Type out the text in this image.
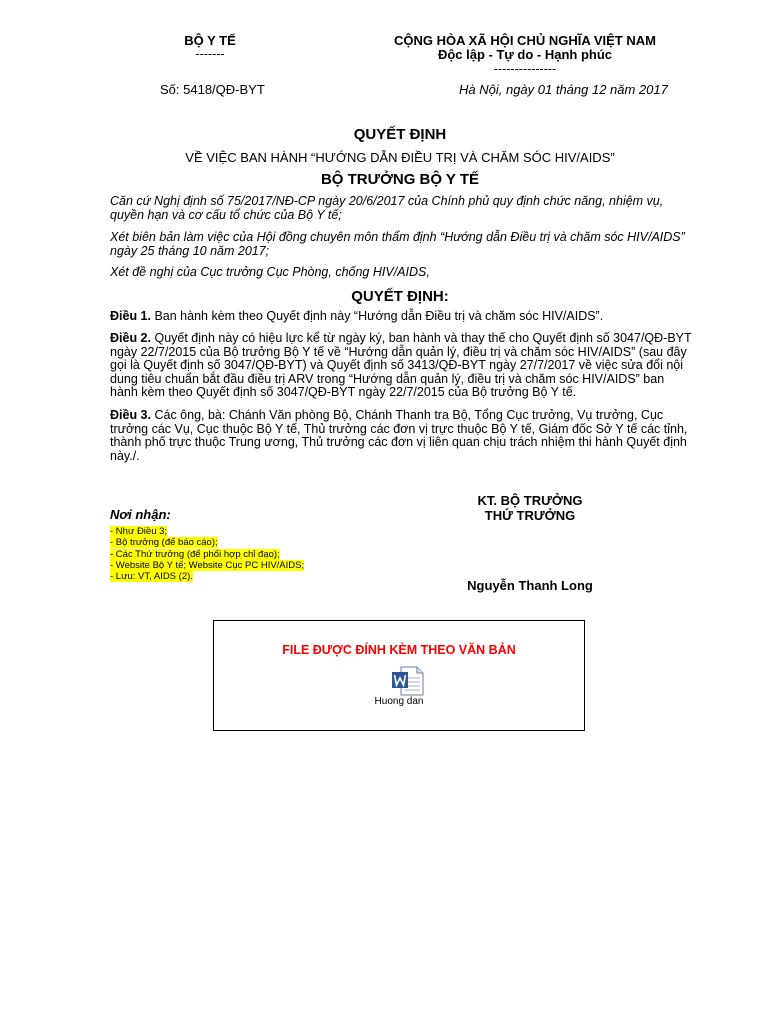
BỘ Y TẾ
-------
CỘNG HÒA XÃ HỘI CHỦ NGHĨA VIỆT NAM
Độc lập - Tự do - Hạnh phúc
---------------
Số: 5418/QĐ-BYT	Hà Nội, ngày 01 tháng 12 năm 2017
QUYẾT ĐỊNH
VỀ VIỆC BAN HÀNH “HƯỚNG DẪN ĐIỀU TRỊ VÀ CHĂM SÓC HIV/AIDS”
BỘ TRƯỞNG BỘ Y TẾ
Căn cứ Nghị định số 75/2017/NĐ-CP ngày 20/6/2017 của Chính phủ quy định chức năng, nhiệm vụ, quyền hạn và cơ cấu tổ chức của Bộ Y tế;
Xét biên bản làm việc của Hội đồng chuyên môn thẩm định “Hướng dẫn Điều trị và chăm sóc HIV/AIDS” ngày 25 tháng 10 năm 2017;
Xét đề nghị của Cục trưởng Cục Phòng, chống HIV/AIDS,
QUYẾT ĐỊNH:
Điều 1. Ban hành kèm theo Quyết định này “Hướng dẫn Điều trị và chăm sóc HIV/AIDS”.
Điều 2. Quyết định này có hiệu lực kể từ ngày ký, ban hành và thay thế cho Quyết định số 3047/QĐ-BYT ngày 22/7/2015 của Bộ trưởng Bộ Y tế về “Hướng dẫn quản lý, điều trị và chăm sóc HIV/AIDS” (sau đây gọi là Quyết định số 3047/QĐ-BYT) và Quyết định số 3413/QĐ-BYT ngày 27/7/2017 về việc sửa đổi nội dung tiêu chuẩn bắt đầu điều trị ARV trong “Hướng dẫn quản lý, điều trị và chăm sóc HIV/AIDS” ban hành kèm theo Quyết định số 3047/QĐ-BYT ngày 22/7/2015 của Bộ trưởng Bộ Y tế.
Điều 3. Các ông, bà: Chánh Văn phòng Bộ, Chánh Thanh tra Bộ, Tổng Cục trưởng, Vụ trưởng, Cục trưởng các Vụ, Cục thuộc Bộ Y tế, Thủ trưởng các đơn vị trực thuộc Bộ Y tế, Giám đốc Sở Y tế các tỉnh, thành phố trực thuộc Trung ương, Thủ trưởng các đơn vị liên quan chịu trách nhiệm thi hành Quyết định này./.
Nơi nhận:
- Như Điều 3;
- Bộ trưởng (để báo cáo);
- Các Thứ trưởng (để phối hợp chỉ đạo);
- Website Bộ Y tế; Website Cục PC HIV/AIDS;
- Lưu: VT, AIDS (2).
KT. BỘ TRƯỞNG
THỨ TRƯỞNG
Nguyễn Thanh Long
FILE ĐƯỢC ĐÍNH KÈM THEO VĂN BẢN
Huong dan
